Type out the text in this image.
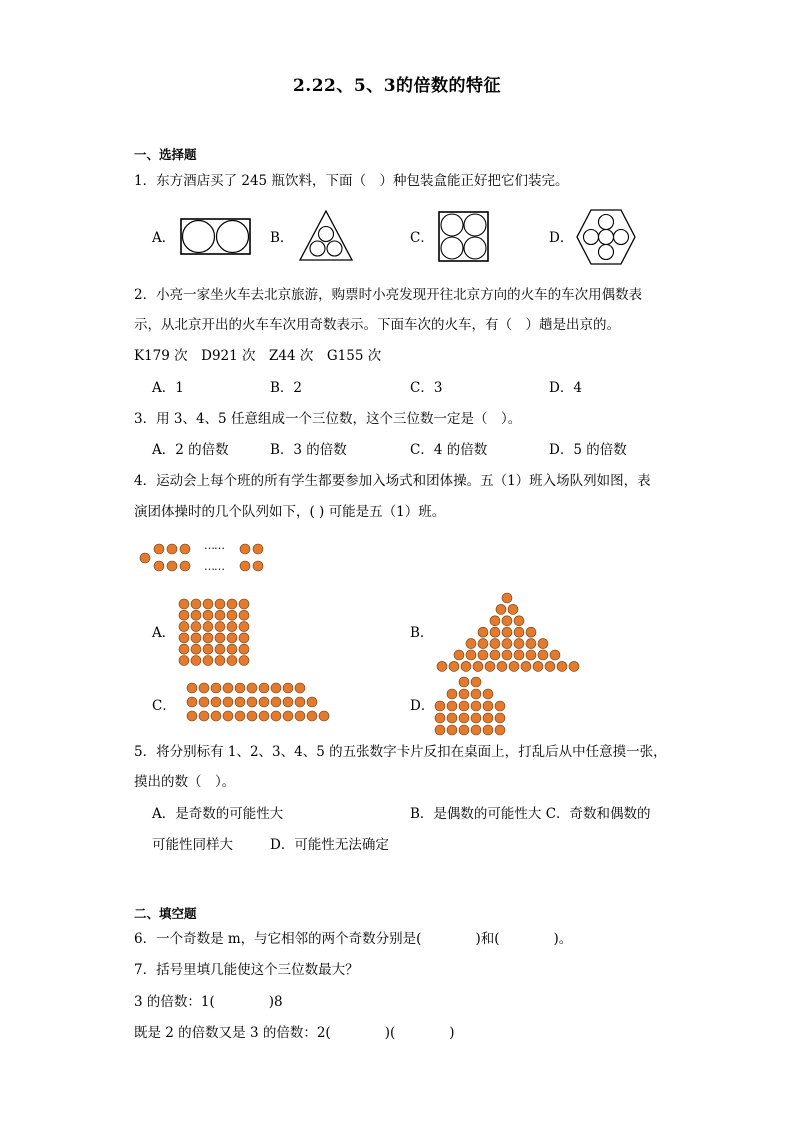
2.22、5、3的倍数的特征
一、选择题
1．东方酒店买了 245 瓶饮料，下面（　）种包装盒能正好把它们装完。
A．	B．	C．	D．
2．小亮一家坐火车去北京旅游，购票时小亮发现开往北京方向的火车的车次用偶数表
示，从北京开出的火车车次用奇数表示。下面车次的火车，有（　）趟是出京的。
K179 次　D921 次　Z44 次　G155 次
A．1	B．2	C．3	D．4
3．用 3、4、5 任意组成一个三位数，这个三位数一定是（　）。
A．2 的倍数	B．3 的倍数	C．4 的倍数	D．5 的倍数
4．运动会上每个班的所有学生都要参加入场式和团体操。五（1）班入场队列如图，表
演团体操时的几个队列如下，( ) 可能是五（1）班。
……
……
A．	B．
C．	D．
5．将分别标有 1、2、3、4、5 的五张数字卡片反扣在桌面上，打乱后从中任意摸一张，
摸出的数（　）。
A．是奇数的可能性大	B．是偶数的可能性大 C．奇数和偶数的
可能性同样大	D．可能性无法确定
二、填空题
6．一个奇数是 m，与它相邻的两个奇数分别是(　　　　)和(　　　　)。
7．括号里填几能使这个三位数最大？
3 的倍数：1(　　　　)8
既是 2 的倍数又是 3 的倍数：2(　　　　)(　　　　)
